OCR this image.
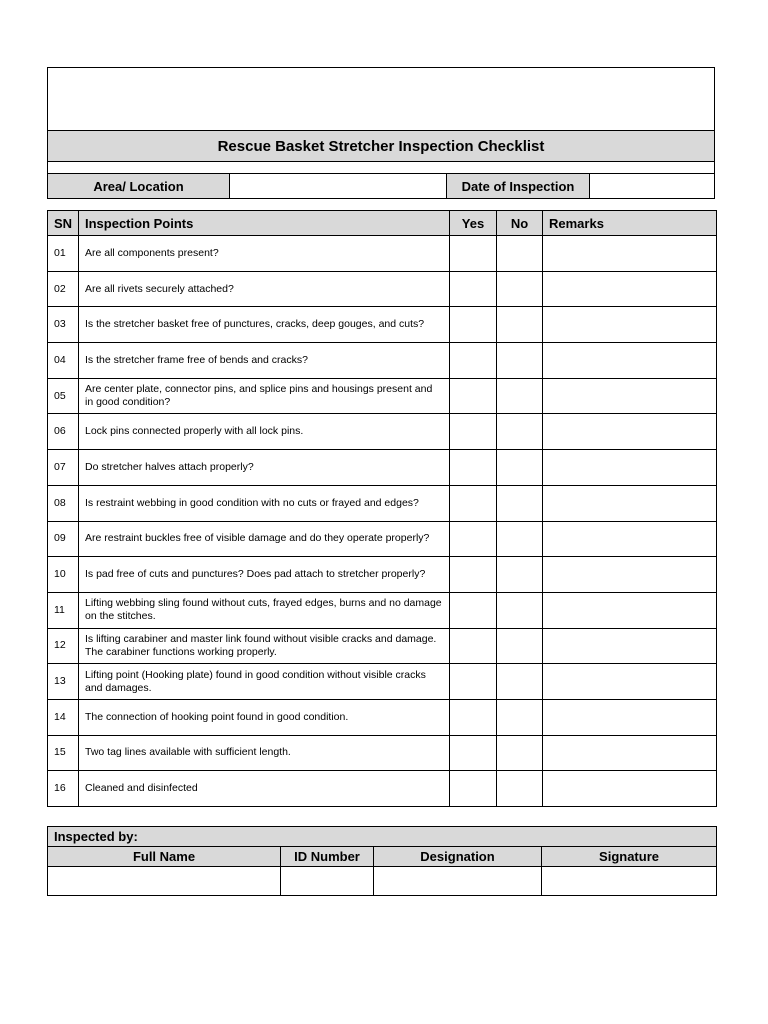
Rescue Basket Stretcher Inspection Checklist
Area/ Location	Date of Inspection
SN	Inspection Points	Yes	No	Remarks
01	Are all components present?			
02	Are all rivets securely attached?			
03	Is the stretcher basket free of punctures, cracks, deep gouges, and cuts?			
04	Is the stretcher frame free of bends and cracks?			
05	Are center plate, connector pins, and splice pins and housings present and in good condition?			
06	Lock pins connected properly with all lock pins.			
07	Do stretcher halves attach properly?			
08	Is restraint webbing in good condition with no cuts or frayed and edges?			
09	Are restraint buckles free of visible damage and do they operate properly?			
10	Is pad free of cuts and punctures? Does pad attach to stretcher properly?			
11	Lifting webbing sling found without cuts, frayed edges, burns and no damage on the stitches.			
12	Is lifting carabiner and master link found without visible cracks and damage. The carabiner functions working properly.			
13	Lifting point (Hooking plate) found in good condition without visible cracks and damages.			
14	The connection of hooking point found in good condition.			
15	Two tag lines available with sufficient length.			
16	Cleaned and disinfected			
Inspected by:			
Full Name	ID Number	Designation	Signature
